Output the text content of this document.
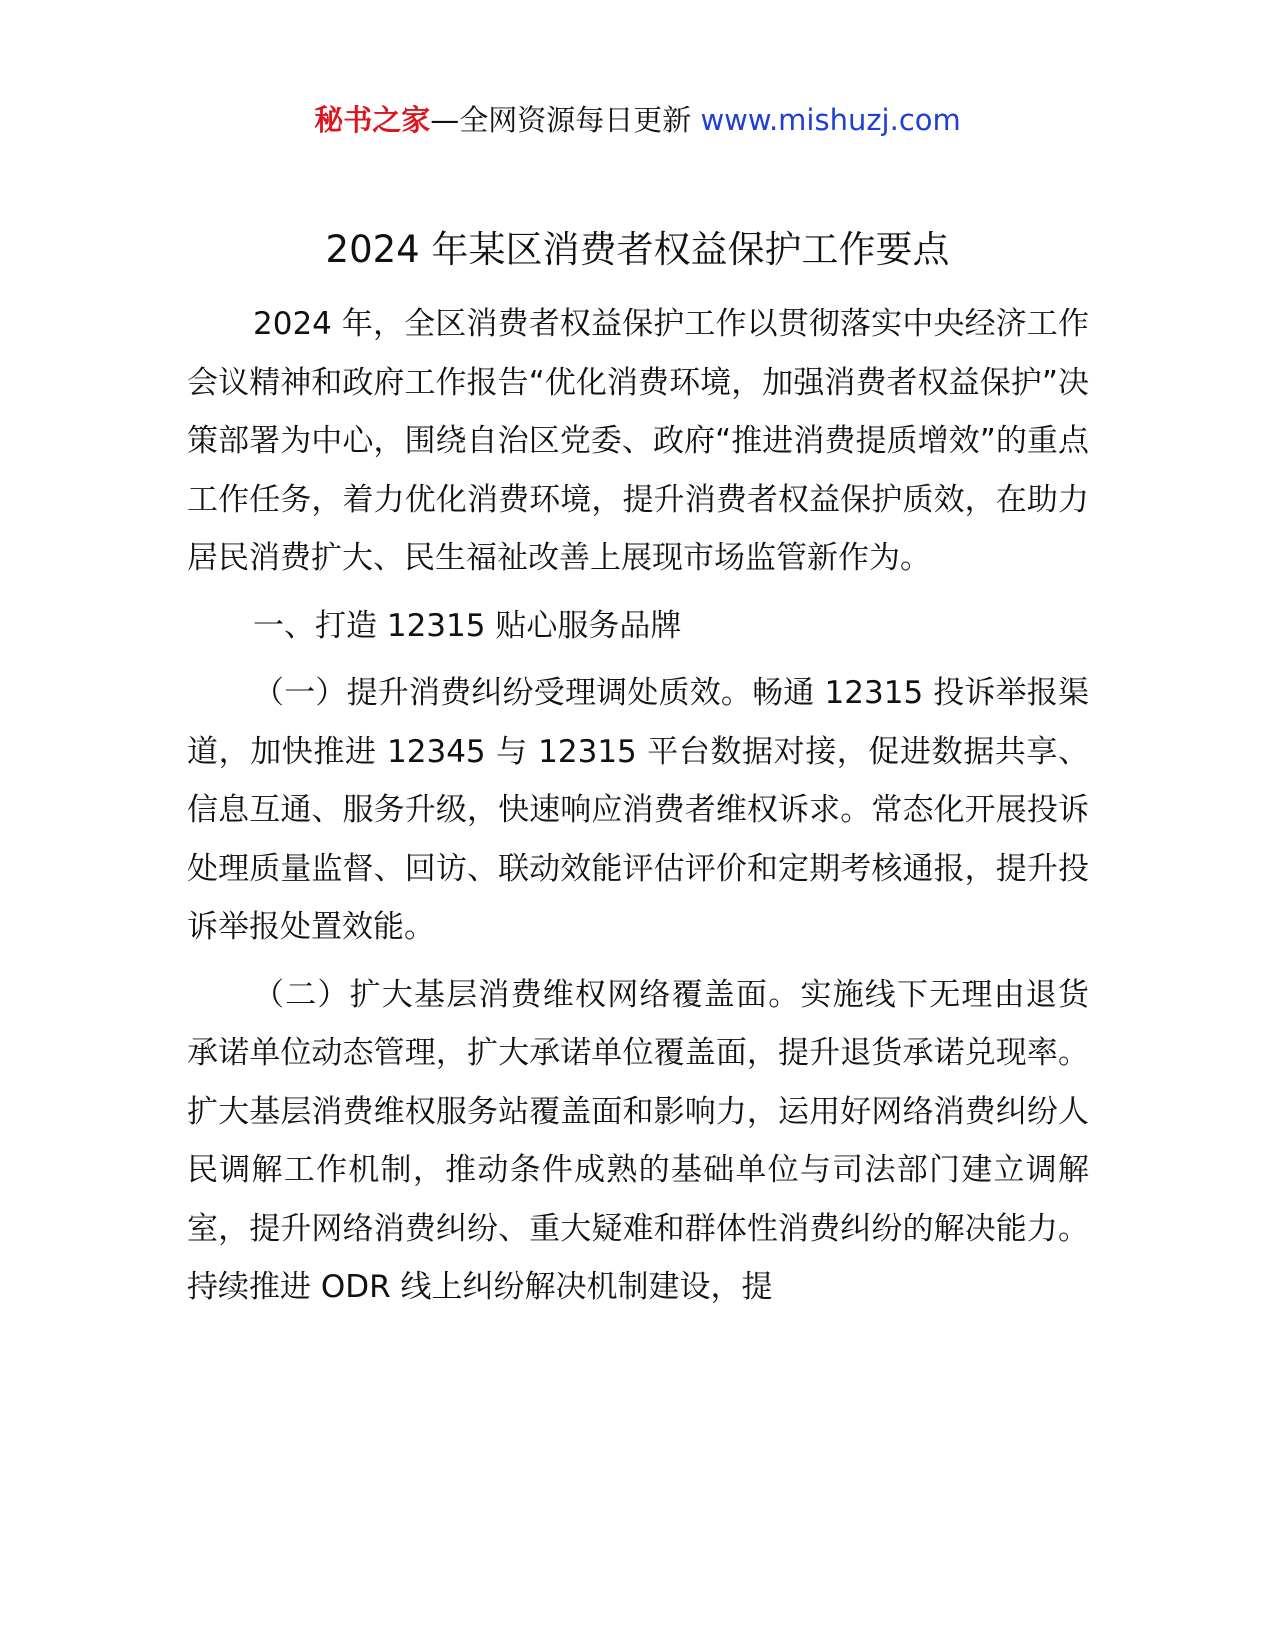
秘书之家—全网资源每日更新 www.mishuzj.com
2024 年某区消费者权益保护工作要点

2024 年，全区消费者权益保护工作以贯彻落实中央经济工作会议精神和政府工作报告“优化消费环境，加强消费者权益保护”决策部署为中心，围绕自治区党委、政府“推进消费提质增效”的重点工作任务，着力优化消费环境，提升消费者权益保护质效，在助力居民消费扩大、民生福祉改善上展现市场监管新作为。

一、打造 12315 贴心服务品牌

（一）提升消费纠纷受理调处质效。畅通 12315 投诉举报渠道，加快推进 12345 与 12315 平台数据对接，促进数据共享、信息互通、服务升级，快速响应消费者维权诉求。常态化开展投诉处理质量监督、回访、联动效能评估评价和定期考核通报，提升投诉举报处置效能。

（二）扩大基层消费维权网络覆盖面。实施线下无理由退货承诺单位动态管理，扩大承诺单位覆盖面，提升退货承诺兑现率。扩大基层消费维权服务站覆盖面和影响力，运用好网络消费纠纷人民调解工作机制，推动条件成熟的基础单位与司法部门建立调解室，提升网络消费纠纷、重大疑难和群体性消费纠纷的解决能力。持续推进 ODR 线上纠纷解决机制建设，提
